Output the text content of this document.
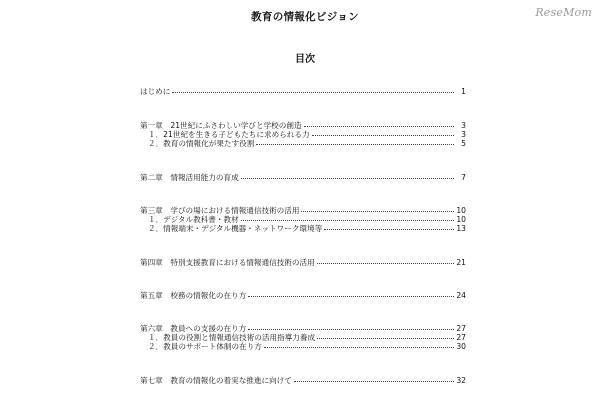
教育の情報化ビジョン	ReseMom
目次
はじめに	1
第一章　21世紀にふさわしい学びと学校の創造	3
１．21世紀を生きる子どもたちに求められる力	3
２．教育の情報化が果たす役割	5
第二章　情報活用能力の育成	7
第三章　学びの場における情報通信技術の活用	10
１．デジタル教科書・教材	10
２．情報端末・デジタル機器・ネットワーク環境等	13
第四章　特別支援教育における情報通信技術の活用	21
第五章　校務の情報化の在り方	24
第六章　教員への支援の在り方	27
１．教員の役割と情報通信技術の活用指導力養成	27
２．教員のサポート体制の在り方	30
第七章　教育の情報化の着実な推進に向けて	32
